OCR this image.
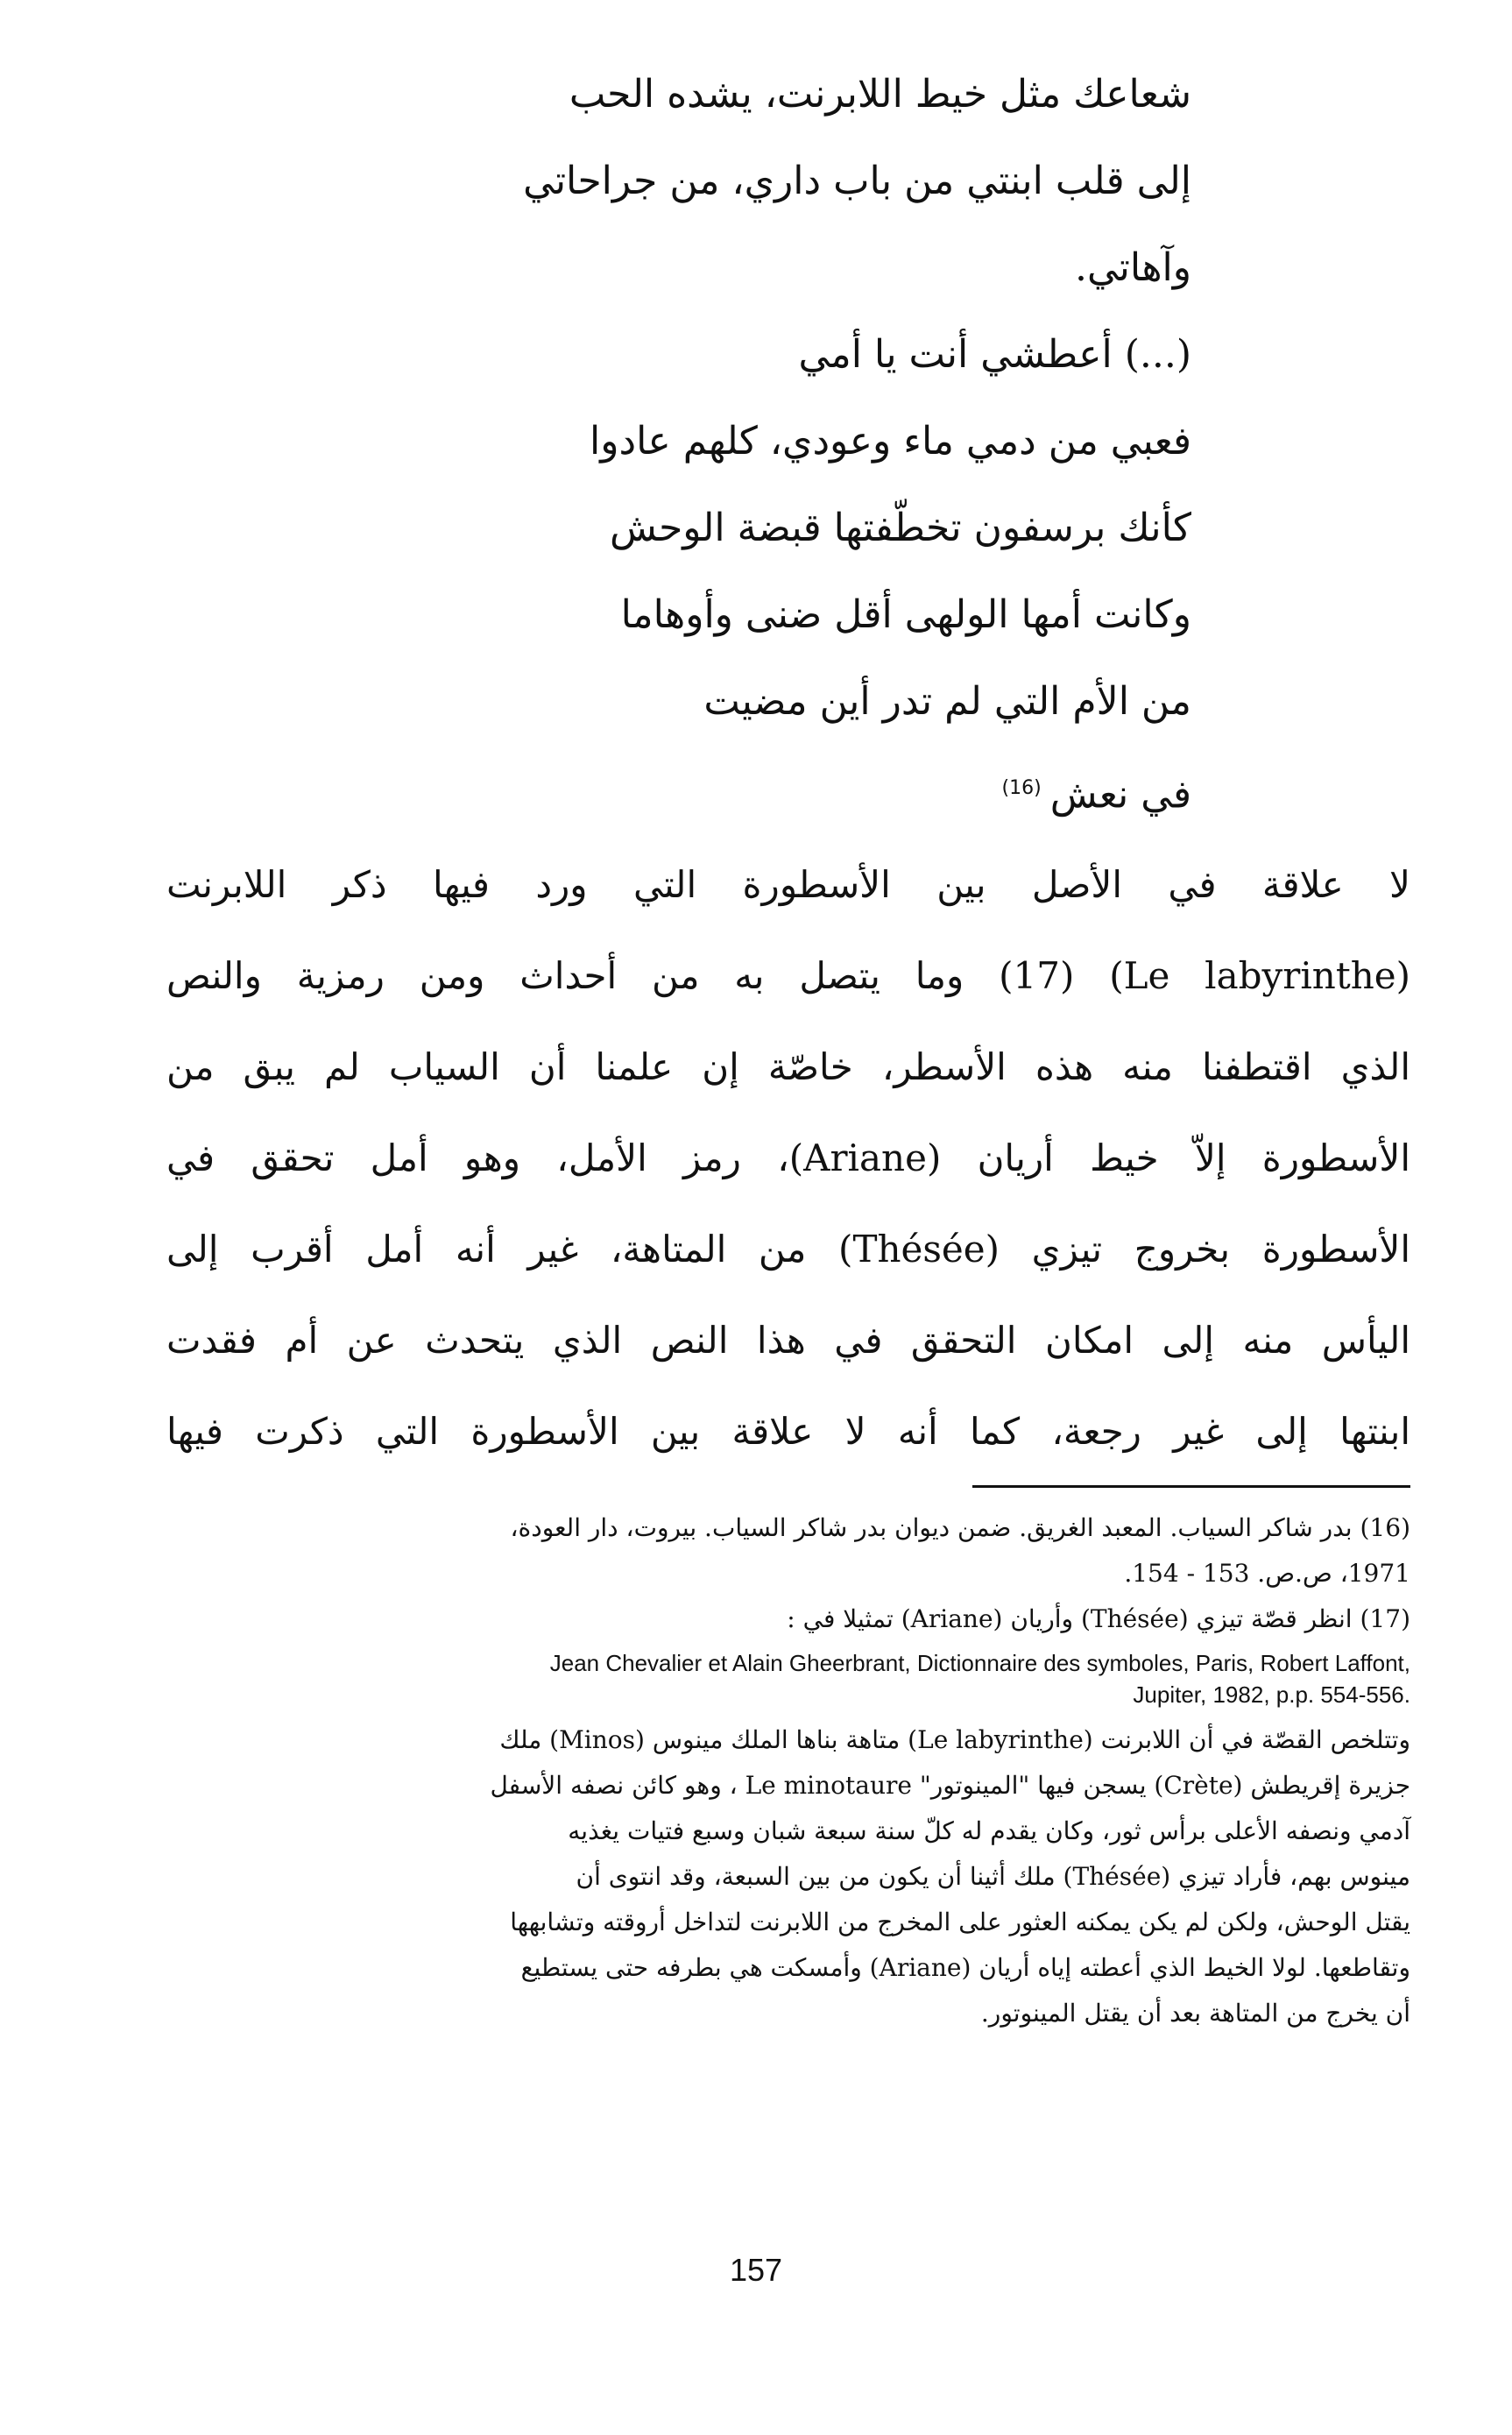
شعاعك مثل خيط اللابرنت، يشده الحب
إلى قلب ابنتي من باب داري، من جراحاتي
وآهاتي.
(...) أعطشي أنت يا أمي
فعبي من دمي ماء وعودي، كلهم عادوا
كأنك برسفون تخطّفتها قبضة الوحش
وكانت أمها الولهى أقل ضنى وأوهاما
من الأم التي لم تدر أين مضيت
في نعش$^{(16)}$
لا علاقة في الأصل بين الأسطورة التي ورد فيها ذكر اللابرنت
(Le labyrinthe) (17) وما يتصل به من أحداث ومن رمزية والنص
الذي اقتطفنا منه هذه الأسطر، خاصّة إن علمنا أن السياب لم يبق من
الأسطورة إلاّ خيط أريان (Ariane)، رمز الأمل، وهو أمل تحقق في
الأسطورة بخروج تيزي (Thésée) من المتاهة، غير أنه أمل أقرب إلى
اليأس منه إلى امكان التحقق في هذا النص الذي يتحدث عن أم فقدت
ابنتها إلى غير رجعة، كما أنه لا علاقة بين الأسطورة التي ذكرت فيها
(16) بدر شاكر السياب. المعبد الغريق. ضمن ديوان بدر شاكر السياب. بيروت، دار العودة،
1971، ص.ص. 153 - 154.
(17) انظر قصّة تيزي (Thésée) وأريان (Ariane) تمثيلا في :
Jean Chevalier et Alain Gheerbrant, Dictionnaire des symboles, Paris, Robert Laffont,
Jupiter, 1982, p.p. 554-556.
وتتلخص القصّة في أن اللابرنت (Le labyrinthe) متاهة بناها الملك مينوس (Minos) ملك
جزيرة إقريطش (Crète) يسجن فيها "المينوتور" Le minotaure ، وهو كائن نصفه الأسفل
آدمي ونصفه الأعلى برأس ثور، وكان يقدم له كلّ سنة سبعة شبان وسبع فتيات يغذيه
مينوس بهم، فأراد تيزي (Thésée) ملك أثينا أن يكون من بين السبعة، وقد انتوى أن
يقتل الوحش، ولكن لم يكن يمكنه العثور على المخرج من اللابرنت لتداخل أروقته وتشابهها
وتقاطعها. لولا الخيط الذي أعطته إياه أريان (Ariane) وأمسكت هي بطرفه حتى يستطيع
أن يخرج من المتاهة بعد أن يقتل المينوتور.
157
